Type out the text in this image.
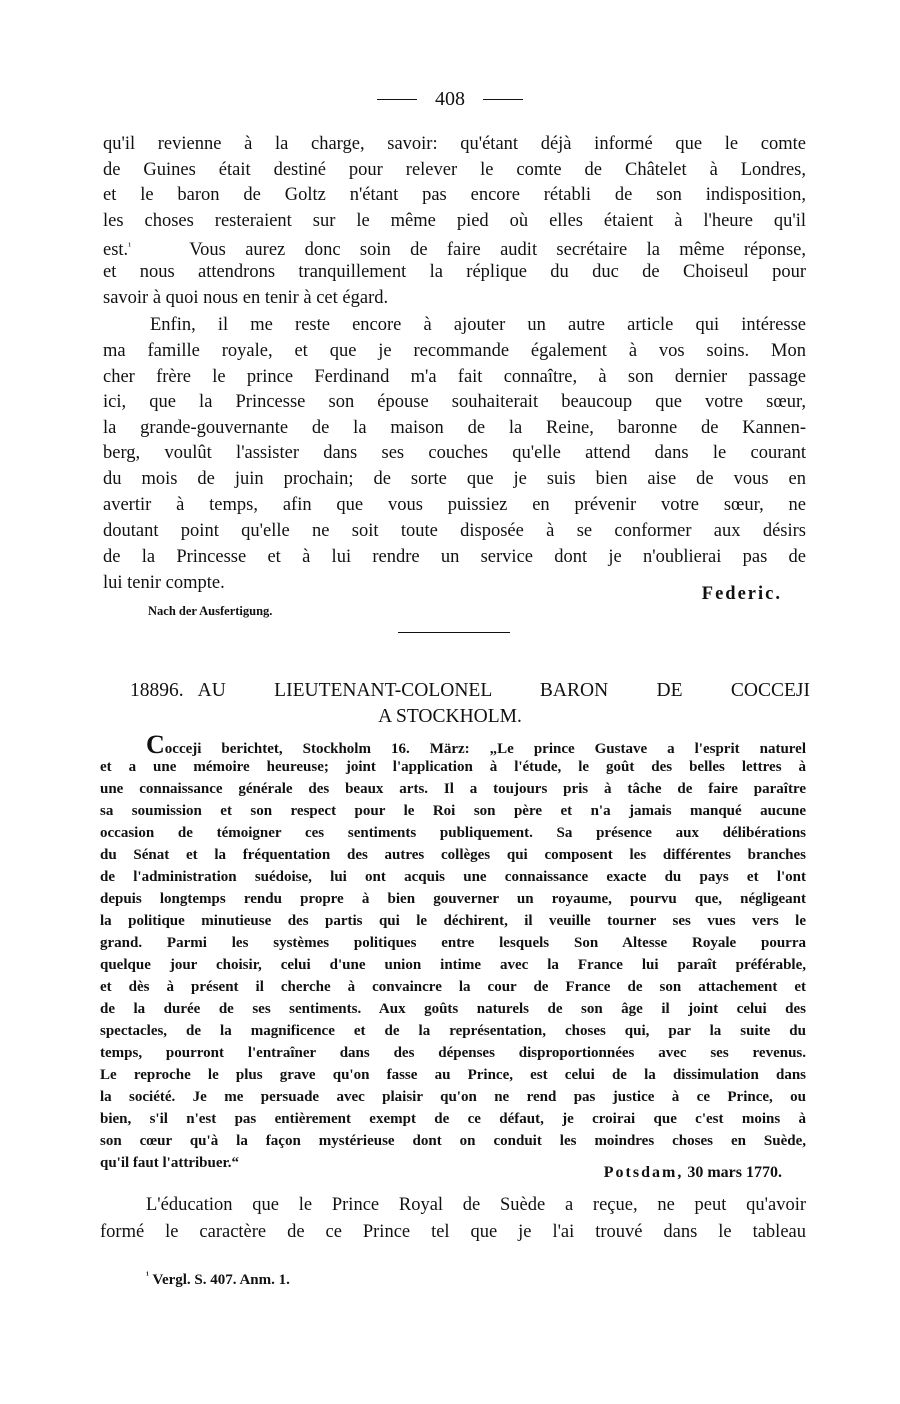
408
qu'il revienne à la charge, savoir: qu'étant déjà informé que le comte
de Guines était destiné pour relever le comte de Châtelet à Londres,
et le baron de Goltz n'étant pas encore rétabli de son indisposition,
les choses resteraient sur le même pied où elles étaient à l'heure qu'il
est.$^{^1}$	Vous aurez donc soin de faire audit secrétaire la même réponse,
et nous attendrons tranquillement la réplique du duc de Choiseul pour
savoir à quoi nous en tenir à cet égard.
Enfin, il me reste encore à ajouter un autre article qui intéresse
ma famille royale, et que je recommande également à vos soins. Mon
cher frère le prince Ferdinand m'a fait connaître, à son dernier passage
ici, que la Princesse son épouse souhaiterait beaucoup que votre sœur,
la grande-gouvernante de la maison de la Reine, baronne de Kannen-
berg, voulût l'assister dans ses couches qu'elle attend dans le courant
du mois de juin prochain; de sorte que je suis bien aise de vous en
avertir à temps, afin que vous puissiez en prévenir votre sœur, ne
doutant point qu'elle ne soit toute disposée à se conformer aux désirs
de la Princesse et à lui rendre un service dont je n'oublierai pas de
lui tenir compte.
Federic.
Nach der Ausfertigung.
18896. AU LIEUTENANT-COLONEL BARON DE COCCEJI
A STOCKHOLM.
Cocceji berichtet, Stockholm 16. März: „Le prince Gustave a l'esprit naturel
et a une mémoire heureuse; joint l'application à l'étude, le goût des belles lettres à
une connaissance générale des beaux arts. Il a toujours pris à tâche de faire paraître
sa soumission et son respect pour le Roi son père et n'a jamais manqué aucune
occasion de témoigner ces sentiments publiquement. Sa présence aux délibérations
du Sénat et la fréquentation des autres collèges qui composent les différentes branches
de l'administration suédoise, lui ont acquis une connaissance exacte du pays et l'ont
depuis longtemps rendu propre à bien gouverner un royaume, pourvu que, négligeant
la politique minutieuse des partis qui le déchirent, il veuille tourner ses vues vers le
grand. Parmi les systèmes politiques entre lesquels Son Altesse Royale pourra
quelque jour choisir, celui d'une union intime avec la France lui paraît préférable,
et dès à présent il cherche à convaincre la cour de France de son attachement et
de la durée de ses sentiments. Aux goûts naturels de son âge il joint celui des
spectacles, de la magnificence et de la représentation, choses qui, par la suite du
temps, pourront l'entraîner dans des dépenses disproportionnées avec ses revenus.
Le reproche le plus grave qu'on fasse au Prince, est celui de la dissimulation dans
la société. Je me persuade avec plaisir qu'on ne rend pas justice à ce Prince, ou
bien, s'il n'est pas entièrement exempt de ce défaut, je croirai que c'est moins à
son cœur qu'à la façon mystérieuse dont on conduit les moindres choses en Suède,
qu'il faut l'attribuer.“
Potsdam, 30 mars 1770.
L'éducation que le Prince Royal de Suède a reçue, ne peut qu'avoir
formé le caractère de ce Prince tel que je l'ai trouvé dans le tableau
$^{^1}$ Vergl. S. 407. Anm. 1.
